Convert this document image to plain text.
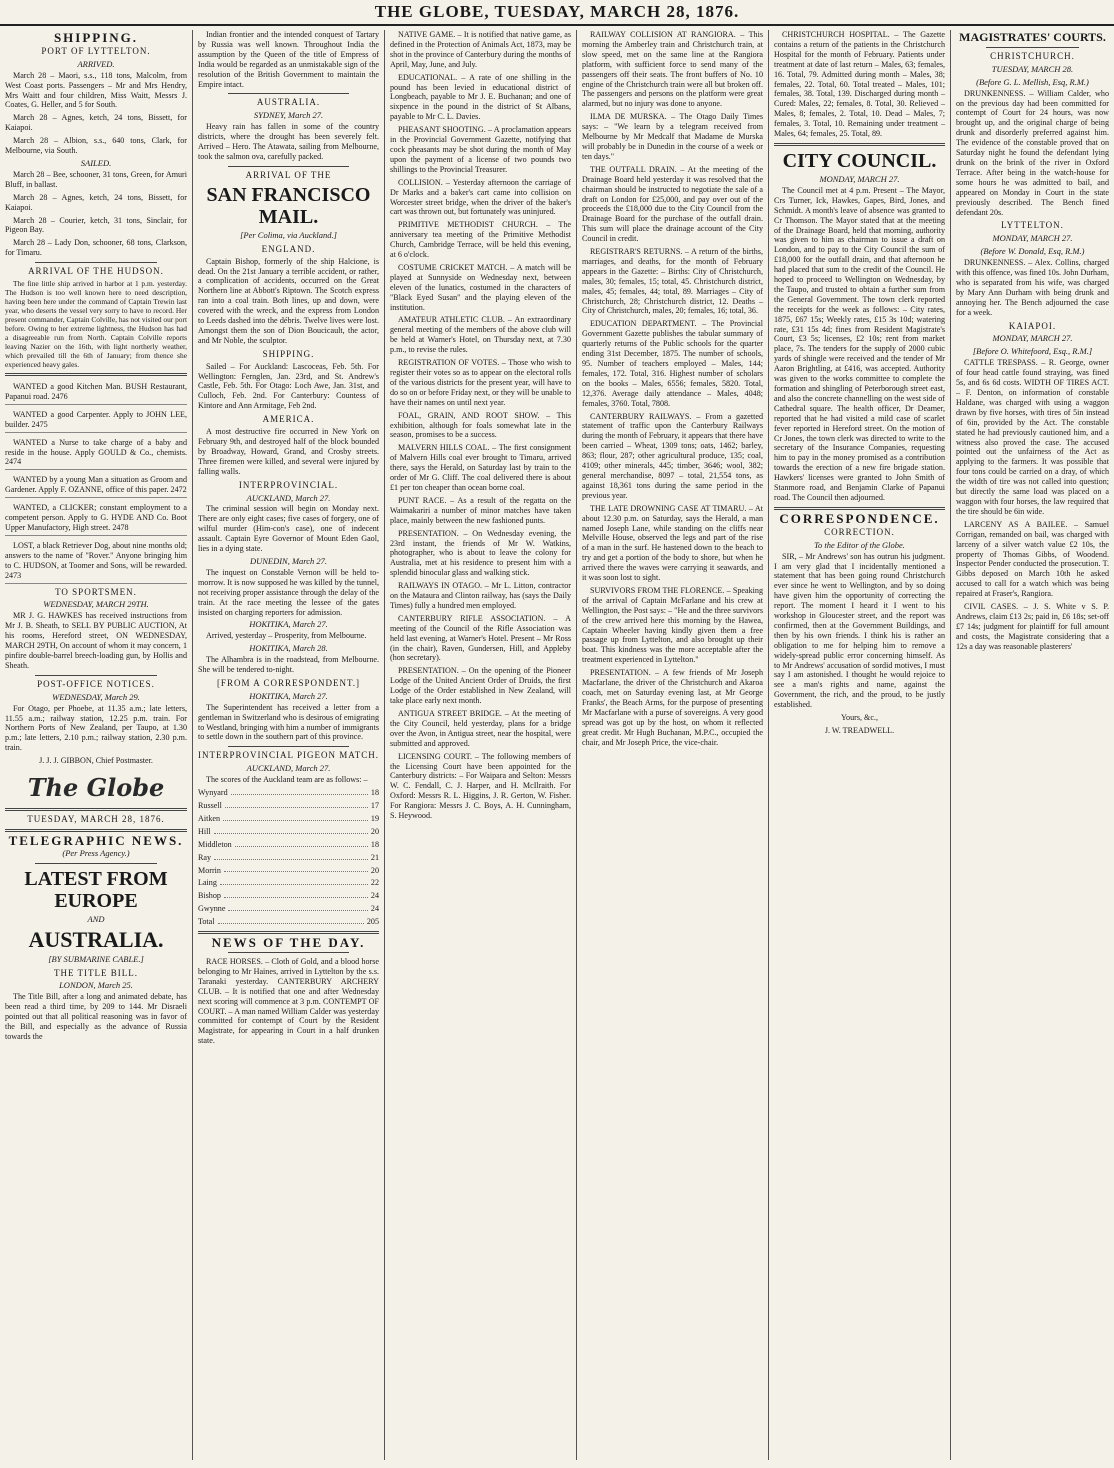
THE GLOBE, TUESDAY, MARCH 28, 1876.
SHIPPING.
PORT OF LYTTELTON.
ARRIVED.

March 28 – Maori, s.s., 118 tons, Malcolm, from West Coast ports. Passengers – Mr and Mrs Hendry, Mrs Waitt and four children, Miss Waitt, Messrs J. Coates, G. Heller, and 5 for South.

March 28 – Agnes, ketch, 24 tons, Bissett, for Kaiapoi.

March 28 – Albion, s.s., 640 tons, Clark, for Melbourne, via South.

SAILED.

March 28 – Bee, schooner, 31 tons, Green, for Amuri Bluff, in ballast.

March 28 – Agnes, ketch, 24 tons, Bissett, for Kaiapoi.

March 28 – Courier, ketch, 31 tons, Sinclair, for Pigeon Bay.

March 28 – Lady Don, schooner, 68 tons, Clarkson, for Timaru.

ARRIVAL OF THE HUDSON.

The fine little ship arrived in harbor at 1 p.m. yesterday. The Hudson is too well known here to need description, having been here under the command of Captain Trewin last year, who deserts the vessel very sorry to have to record. Her present commander, Captain Colville, has not visited our port before. Owing to her extreme lightness, the Hudson has had a disagreeable run from North. Captain Colville reports leaving Nazier on the 16th, with light northerly weather, which prevailed till the 6th of January; from thence she experienced heavy gales.

WANTED a good Kitchen Man. BUSH Restaurant, Papanui road. 2476

WANTED a good Carpenter. Apply to JOHN LEE, builder. 2475

WANTED a Nurse to take charge of a baby and reside in the house. Apply GOULD & Co., chemists. 2474

WANTED by a young Man a situation as Groom and Gardener. Apply F. OZANNE, office of this paper. 2472

WANTED, a CLICKER; constant employment to a competent person. Apply to G. HYDE AND Co. Boot Upper Manufactory, High street. 2478

LOST, a black Retriever Dog, about nine months old; answers to the name of "Rover." Anyone bringing him to C. HUDSON, at Toomer and Sons, will be rewarded. 2473

TO SPORTSMEN.
WEDNESDAY, MARCH 29TH.

MR J. G. HAWKES has received instructions from Mr J. B. Sheath, to SELL BY PUBLIC AUCTION, At his rooms, Hereford street, ON WEDNESDAY, MARCH 29TH, On account of whom it may concern, 1 pinfire double-barrel breech-loading gun, by Hollis and Sheath.

POST-OFFICE NOTICES.
WEDNESDAY, March 29.

For Otago, per Phoebe, at 11.35 a.m.; late letters, 11.55 a.m.; railway station, 12.25 p.m. train. For Northern Ports of New Zealand, per Taupo, at 1.30 p.m.; late letters, 2.10 p.m.; railway station, 2.30 p.m. train.

J. J. J. GIBBON, Chief Postmaster.

The Globe
TUESDAY, MARCH 28, 1876.
TELEGRAPHIC NEWS.
(Per Press Agency.)
LATEST FROM EUROPE
AND
AUSTRALIA.
[BY SUBMARINE CABLE.]
THE TITLE BILL.
LONDON, March 25.

The Title Bill, after a long and animated debate, has been read a third time, by 209 to 144. Mr Disraeli pointed out that all political reasoning was in favor of the Bill, and especially as the advance of Russia towards the

Indian frontier and the intended conquest of Tartary by Russia was well known. Throughout India the assumption by the Queen of the title of Empress of India would be regarded as an unmistakable sign of the resolution of the British Government to maintain the Empire intact.

AUSTRALIA.
SYDNEY, March 27.

Heavy rain has fallen in some of the country districts, where the drought has been severely felt. Arrived – Hero. The Atawata, sailing from Melbourne, took the salmon ova, carefully packed.

ARRIVAL OF THE
SAN FRANCISCO MAIL.
[Per Colima, via Auckland.]
ENGLAND.

Captain Bishop, formerly of the ship Halcione, is dead. On the 21st January a terrible accident, or rather, a complication of accidents, occurred on the Great Northern line at Abbott's Riptown. The Scotch express ran into a coal train. Both lines, up and down, were covered with the wreck, and the express from London to Leeds dashed into the débris. Twelve lives were lost. Amongst them the son of Dion Boucicault, the actor, and Mr Noble, the sculptor.

SHIPPING.

Sailed – For Auckland: Lascoceas, Feb. 5th. For Wellington: Fernglen, Jan. 23rd, and St. Andrew's Castle, Feb. 5th. For Otago: Loch Awe, Jan. 31st, and Culloch, Feb. 2nd. For Canterbury: Countess of Kintore and Ann Armitage, Feb 2nd.

AMERICA.

A most destructive fire occurred in New York on February 9th, and destroyed half of the block bounded by Broadway, Howard, Grand, and Crosby streets. Three firemen were killed, and several were injured by falling walls.

INTERPROVINCIAL.
AUCKLAND, March 27.

The criminal session will begin on Monday next. There are only eight cases; five cases of forgery, one of wilful murder (Him-con's case), one of indecent assault. Captain Eyre Governor of Mount Eden Gaol, lies in a dying state.

DUNEDIN, March 27.

The inquest on Constable Vernon will be held to-morrow. It is now supposed he was killed by the tunnel, not receiving proper assistance through the delay of the train. At the race meeting the lessee of the gates insisted on charging reporters for admission.

HOKITIKA, March 27.

Arrived, yesterday – Prosperity, from Melbourne.

HOKITIKA, March 28.

The Alhambra is in the roadstead, from Melbourne. She will be tendered to-night.

[FROM A CORRESPONDENT.]
HOKITIKA, March 27.

The Superintendent has received a letter from a gentleman in Switzerland who is desirous of emigrating to Westland, bringing with him a number of immigrants to settle down in the southern part of this province.

INTERPROVINCIAL PIGEON MATCH.
AUCKLAND, March 27.

The scores of the Auckland team are as follows: –

Wynyard	18

Russell	17

Aitken	19

Hill	20

Middleton	18

Ray	21

Morrin	20

Laing	22

Bishop	24

Gwynne	24

Total	205

NEWS OF THE DAY.

RACE HORSES. – Cloth of Gold, and a blood horse belonging to Mr Haines, arrived in Lyttelton by the s.s. Taranaki yesterday. CANTERBURY ARCHERY CLUB. – It is notified that one and after Wednesday next scoring will commence at 3 p.m. CONTEMPT OF COURT. – A man named William Calder was yesterday committed for contempt of Court by the Resident Magistrate, for appearing in Court in a half drunken state.

NATIVE GAME. – It is notified that native game, as defined in the Protection of Animals Act, 1873, may be shot in the province of Canterbury during the months of April, May, June, and July.

EDUCATIONAL. – A rate of one shilling in the pound has been levied in educational district of Longbeach, payable to Mr J. E. Buchanan; and one of sixpence in the pound in the district of St Albans, payable to Mr C. L. Davies.

PHEASANT SHOOTING. – A proclamation appears in the Provincial Government Gazette, notifying that cock pheasants may be shot during the month of May upon the payment of a license of two pounds two shillings to the Provincial Treasurer.

COLLISION. – Yesterday afternoon the carriage of Dr Marks and a baker's cart came into collision on Worcester street bridge, when the driver of the baker's cart was thrown out, but fortunately was uninjured.

PRIMITIVE METHODIST CHURCH. – The anniversary tea meeting of the Primitive Methodist Church, Cambridge Terrace, will be held this evening, at 6 o'clock.

COSTUME CRICKET MATCH. – A match will be played at Sunnyside on Wednesday next, between eleven of the lunatics, costumed in the characters of "Black Eyed Susan" and the playing eleven of the institution.

AMATEUR ATHLETIC CLUB. – An extraordinary general meeting of the members of the above club will be held at Warner's Hotel, on Thursday next, at 7.30 p.m., to revise the rules.

REGISTRATION OF VOTES. – Those who wish to register their votes so as to appear on the electoral rolls of the various districts for the present year, will have to do so on or before Friday next, or they will be unable to have their names on until next year.

FOAL, GRAIN, AND ROOT SHOW. – This exhibition, although for foals somewhat late in the season, promises to be a success.

MALVERN HILLS COAL. – The first consignment of Malvern Hills coal ever brought to Timaru, arrived there, says the Herald, on Saturday last by train to the order of Mr G. Cliff. The coal delivered there is about £1 per ton cheaper than ocean borne coal.

PUNT RACE. – As a result of the regatta on the Waimakariri a number of minor matches have taken place, mainly between the new fashioned punts.

PRESENTATION. – On Wednesday evening, the 23rd instant, the friends of Mr W. Watkins, photographer, who is about to leave the colony for Australia, met at his residence to present him with a splendid binocular glass and walking stick.

RAILWAYS IN OTAGO. – Mr L. Litton, contractor on the Mataura and Clinton railway, has (says the Daily Times) fully a hundred men employed.

CANTERBURY RIFLE ASSOCIATION. – A meeting of the Council of the Rifle Association was held last evening, at Warner's Hotel. Present – Mr Ross (in the chair), Raven, Gundersen, Hill, and Appleby (hon secretary).

PRESENTATION. – On the opening of the Pioneer Lodge of the United Ancient Order of Druids, the first Lodge of the Order established in New Zealand, will take place early next month.

ANTIGUA STREET BRIDGE. – At the meeting of the City Council, held yesterday, plans for a bridge over the Avon, in Antigua street, near the hospital, were submitted and approved.

LICENSING COURT. – The following members of the Licensing Court have been appointed for the Canterbury districts: – For Waipara and Selton: Messrs W. C. Fendall, C. J. Harper, and H. McIlraith. For Oxford: Messrs R. L. Higgins, J. R. Gerton, W. Fisher. For Rangiora: Messrs J. C. Boys, A. H. Cunningham, S. Heywood.

RAILWAY COLLISION AT RANGIORA. – This morning the Amberley train and Christchurch train, at slow speed, met on the same line at the Rangiora platform, with sufficient force to send many of the passengers off their seats. The front buffers of No. 10 engine of the Christchurch train were all but broken off. The passengers and persons on the platform were great alarmed, but no injury was done to anyone.

ILMA DE MURSKA. – The Otago Daily Times says: – "We learn by a telegram received from Melbourne by Mr Medcalf that Madame de Murska will probably be in Dunedin in the course of a week or ten days."

THE OUTFALL DRAIN. – At the meeting of the Drainage Board held yesterday it was resolved that the chairman should be instructed to negotiate the sale of a draft on London for £25,000, and pay over out of the proceeds the £18,000 due to the City Council from the Drainage Board for the purchase of the outfall drain. This sum will place the drainage account of the City Council in credit.

REGISTRAR'S RETURNS. – A return of the births, marriages, and deaths, for the month of February appears in the Gazette: – Births: City of Christchurch, males, 30; females, 15; total, 45. Christchurch district, males, 45; females, 44; total, 89. Marriages – City of Christchurch, 28; Christchurch district, 12. Deaths – City of Christchurch, males, 20; females, 16; total, 36.

EDUCATION DEPARTMENT. – The Provincial Government Gazette publishes the tabular summary of quarterly returns of the Public schools for the quarter ending 31st December, 1875. The number of schools, 95. Number of teachers employed – Males, 144; females, 172. Total, 316. Highest number of scholars on the books – Males, 6556; females, 5820. Total, 12,376. Average daily attendance – Males, 4048; females, 3760. Total, 7808.

CANTERBURY RAILWAYS. – From a gazetted statement of traffic upon the Canterbury Railways during the month of February, it appears that there have been carried – Wheat, 1309 tons; oats, 1462; barley, 863; flour, 287; other agricultural produce, 135; coal, 4109; other minerals, 445; timber, 3646; wool, 382; general merchandise, 8097 – total, 21,554 tons, as against 18,361 tons during the same period in the previous year.

THE LATE DROWNING CASE AT TIMARU. – At about 12.30 p.m. on Saturday, says the Herald, a man named Joseph Lane, while standing on the cliffs near Melville House, observed the legs and part of the rise of a man in the surf. He hastened down to the beach to try and get a portion of the body to shore, but when he arrived there the waves were carrying it seawards, and it was soon lost to sight.

SURVIVORS FROM THE FLORENCE. – Speaking of the arrival of Captain McFarlane and his crew at Wellington, the Post says: – "He and the three survivors of the crew arrived here this morning by the Hawea, Captain Wheeler having kindly given them a free passage up from Lyttelton, and also brought up their boat. This kindness was the more acceptable after the treatment experienced in Lyttelton."

PRESENTATION. – A few friends of Mr Joseph Macfarlane, the driver of the Christchurch and Akaroa coach, met on Saturday evening last, at Mr George Franks', the Beach Arms, for the purpose of presenting Mr Macfarlane with a purse of sovereigns. A very good spread was got up by the host, on whom it reflected great credit. Mr Hugh Buchanan, M.P.C., occupied the chair, and Mr Joseph Price, the vice-chair.

CHRISTCHURCH HOSPITAL. – The Gazette contains a return of the patients in the Christchurch Hospital for the month of February. Patients under treatment at date of last return – Males, 63; females, 16. Total, 79. Admitted during month – Males, 38; females, 22. Total, 60. Total treated – Males, 101; females, 38. Total, 139. Discharged during month – Cured: Males, 22; females, 8. Total, 30. Relieved – Males, 8; females, 2. Total, 10. Dead – Males, 7; females, 3. Total, 10. Remaining under treatment – Males, 64; females, 25. Total, 89.

CITY COUNCIL.
MONDAY, MARCH 27.

The Council met at 4 p.m. Present – The Mayor, Crs Turner, Ick, Hawkes, Gapes, Bird, Jones, and Schmidt. A month's leave of absence was granted to Cr Thomson. The Mayor stated that at the meeting of the Drainage Board, held that morning, authority was given to him as chairman to issue a draft on London, and to pay to the City Council the sum of £18,000 for the outfall drain, and that afternoon he had placed that sum to the credit of the Council. He hoped to proceed to Wellington on Wednesday, by the Taupo, and trusted to obtain a further sum from the General Government. The town clerk reported the receipts for the week as follows: – City rates, 1875, £67 15s; Weekly rates, £15 3s 10d; watering rate, £31 15s 4d; fines from Resident Magistrate's Court, £3 5s; licenses, £2 10s; rent from market place, 7s. The tenders for the supply of 2000 cubic yards of shingle were received and the tender of Mr Aaron Brightling, at £416, was accepted. Authority was given to the works committee to complete the formation and shingling of Peterborough street east, and also the concrete channelling on the west side of Cathedral square. The health officer, Dr Deamer, reported that he had visited a mild case of scarlet fever reported in Hereford street. On the motion of Cr Jones, the town clerk was directed to write to the secretary of the Insurance Companies, requesting him to pay in the money promised as a contribution towards the erection of a new fire brigade station. Hawkers' licenses were granted to John Smith of Stanmore road, and Benjamin Clarke of Papanui road. The Council then adjourned.

CORRESPONDENCE.
CORRECTION.
To the Editor of the Globe.

SIR, – Mr Andrews' son has outrun his judgment. I am very glad that I incidentally mentioned a statement that has been going round Christchurch ever since he went to Wellington, and by so doing have given him the opportunity of correcting the report. The moment I heard it I went to his workshop in Gloucester street, and the report was confirmed, then at the Government Buildings, and then by his own friends. I think his is rather an obligation to me for helping him to remove a widely-spread public error concerning himself. As to Mr Andrews' accusation of sordid motives, I must say I am astonished. I thought he would rejoice to see a man's rights and name, against the Government, the rich, and the proud, to be justly established.

Yours, &c.,

J. W. TREADWELL.

MAGISTRATES' COURTS.
CHRISTCHURCH.
TUESDAY, MARCH 28.
(Before G. L. Mellish, Esq, R.M.)

DRUNKENNESS. – William Calder, who on the previous day had been committed for contempt of Court for 24 hours, was now brought up, and the original charge of being drunk and disorderly preferred against him. The evidence of the constable proved that on Saturday night he found the defendant lying drunk on the brink of the river in Oxford Terrace. After being in the watch-house for some hours he was admitted to bail, and appeared on Monday in Court in the state previously described. The Bench fined defendant 20s.

LYTTELTON.
MONDAY, MARCH 27.
(Before W. Donald, Esq, R.M.)

DRUNKENNESS. – Alex. Collins, charged with this offence, was fined 10s. John Durham, who is separated from his wife, was charged by Mary Ann Durham with being drunk and annoying her. The Bench adjourned the case for a week.

KAIAPOI.
MONDAY, MARCH 27.
[Before O. Whitefoord, Esq., R.M.]

CATTLE TRESPASS. – R. George, owner of four head cattle found straying, was fined 5s, and 6s 6d costs. WIDTH OF TIRES ACT. – F. Denton, on information of constable Haldane, was charged with using a waggon drawn by five horses, with tires of 5in instead of 6in, provided by the Act. The constable stated he had previously cautioned him, and a witness also proved the case. The accused pointed out the unfairness of the Act as applying to the farmers. It was possible that four tons could be carried on a dray, of which the width of tire was not called into question; but directly the same load was placed on a waggon with four horses, the law required that the tire should be 6in wide.

LARCENY AS A BAILEE. – Samuel Corrigan, remanded on bail, was charged with larceny of a silver watch value £2 10s, the property of Thomas Gibbs, of Woodend. Inspector Pender conducted the prosecution. T. Gibbs deposed on March 10th he asked accused to call for a watch which was being repaired at Fraser's, Rangiora.

CIVIL CASES. – J. S. White v S. P. Andrews, claim £13 2s; paid in, £6 18s; set-off £7 14s; judgment for plaintiff for full amount and costs, the Magistrate considering that a 12s a day was reasonable plasterers'
